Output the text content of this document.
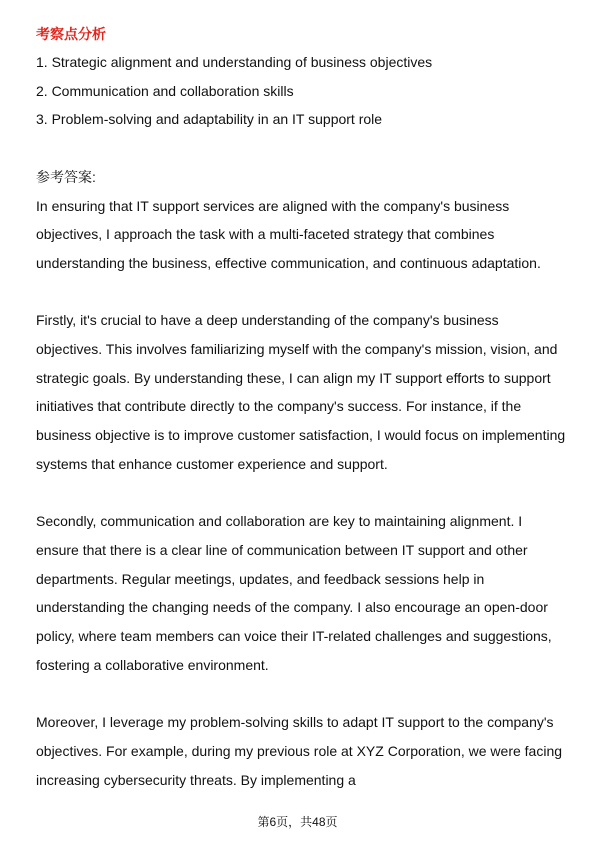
考察点分析

1. Strategic alignment and understanding of business objectives

2. Communication and collaboration skills

3. Problem-solving and adaptability in an IT support role

参考答案:

In ensuring that IT support services are aligned with the company's business objectives, I approach the task with a multi-faceted strategy that combines understanding the business, effective communication, and continuous adaptation.

Firstly, it's crucial to have a deep understanding of the company's business objectives. This involves familiarizing myself with the company's mission, vision, and strategic goals. By understanding these, I can align my IT support efforts to support initiatives that contribute directly to the company's success. For instance, if the business objective is to improve customer satisfaction, I would focus on implementing systems that enhance customer experience and support.

Secondly, communication and collaboration are key to maintaining alignment. I ensure that there is a clear line of communication between IT support and other departments. Regular meetings, updates, and feedback sessions help in understanding the changing needs of the company. I also encourage an open-door policy, where team members can voice their IT-related challenges and suggestions, fostering a collaborative environment.

Moreover, I leverage my problem-solving skills to adapt IT support to the company's objectives. For example, during my previous role at XYZ Corporation, we were facing increasing cybersecurity threats. By implementing a

第6页，共48页
